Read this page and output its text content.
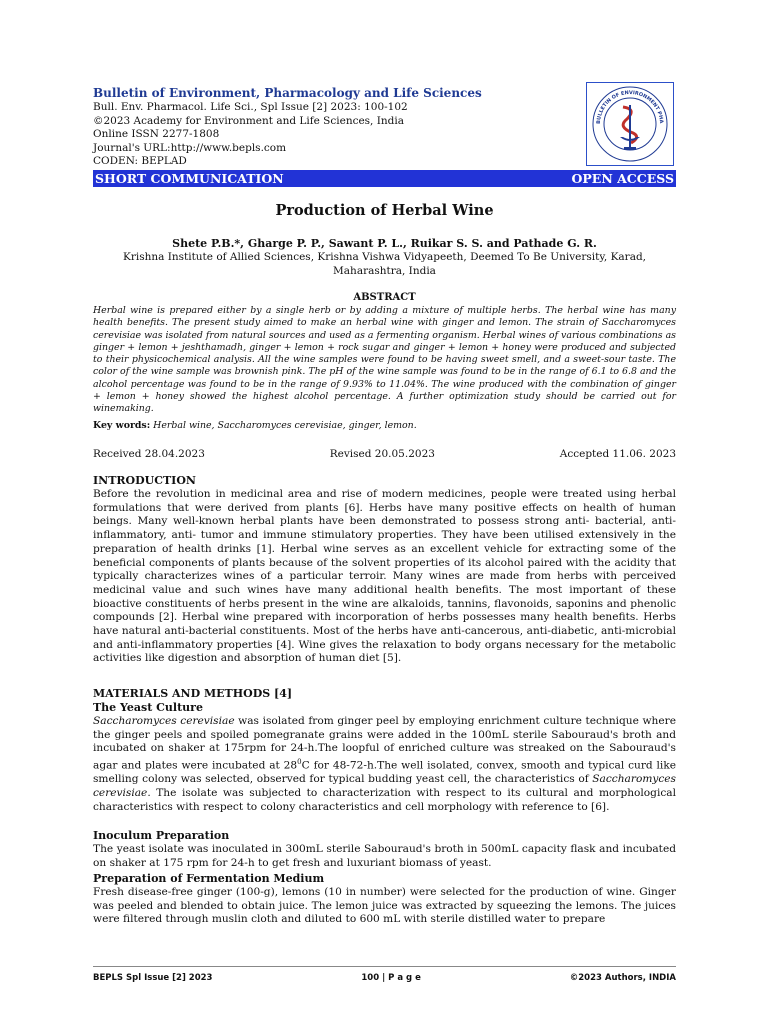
Bulletin of Environment, Pharmacology and Life Sciences
Bull. Env. Pharmacol. Life Sci., Spl Issue [2] 2023: 100-102
©2023 Academy for Environment and Life Sciences, India
Online ISSN 2277-1808
Journal's URL:http://www.bepls.com
CODEN: BEPLAD
BULLETIN OF ENVIRONMENT PHA
SHORT COMMUNICATION	OPEN ACCESS
Production of Herbal Wine
Shete P.B.*, Gharge P. P., Sawant P. L., Ruikar S. S. and Pathade G. R.
Krishna Institute of Allied Sciences, Krishna Vishwa Vidyapeeth, Deemed To Be University, Karad,
Maharashtra, India
ABSTRACT
Herbal wine is prepared either by a single herb or by adding a mixture of multiple herbs. The herbal wine has many health benefits. The present study aimed to make an herbal wine with ginger and lemon. The strain of Saccharomyces cerevisiae was isolated from natural sources and used as a fermenting organism. Herbal wines of various combinations as ginger + lemon + jeshthamadh, ginger + lemon + rock sugar and ginger + lemon + honey were produced and subjected to their physicochemical analysis. All the wine samples were found to be having sweet smell, and a sweet-sour taste. The color of the wine sample was brownish pink. The pH of the wine sample was found to be in the range of 6.1 to 6.8 and the alcohol percentage was found to be in the range of 9.93% to 11.04%. The wine produced with the combination of ginger + lemon + honey showed the highest alcohol percentage. A further optimization study should be carried out for winemaking.
Key words: Herbal wine, Saccharomyces cerevisiae, ginger, lemon.
Received 28.04.2023	Revised 20.05.2023	Accepted 11.06. 2023
INTRODUCTION
Before the revolution in medicinal area and rise of modern medicines, people were treated using herbal formulations that were derived from plants [6]. Herbs have many positive effects on health of human beings. Many well-known herbal plants have been demonstrated to possess strong anti- bacterial, anti-inflammatory, anti- tumor and immune stimulatory properties. They have been utilised extensively in the preparation of health drinks [1]. Herbal wine serves as an excellent vehicle for extracting some of the beneficial components of plants because of the solvent properties of its alcohol paired with the acidity that typically characterizes wines of a particular terroir. Many wines are made from herbs with perceived medicinal value and such wines have many additional health benefits. The most important of these bioactive constituents of herbs present in the wine are alkaloids, tannins, flavonoids, saponins and phenolic compounds [2]. Herbal wine prepared with incorporation of herbs possesses many health benefits. Herbs have natural anti-bacterial constituents. Most of the herbs have anti-cancerous, anti-diabetic, anti-microbial and anti-inflammatory properties [4]. Wine gives the relaxation to body organs necessary for the metabolic activities like digestion and absorption of human diet [5].
MATERIALS AND METHODS [4]
The Yeast Culture
Saccharomyces cerevisiae was isolated from ginger peel by employing enrichment culture technique where the ginger peels and spoiled pomegranate grains were added in the 100mL sterile Sabouraud's broth and incubated on shaker at 175rpm for 24-h.The loopful of enriched culture was streaked on the Sabouraud's agar and plates were incubated at $28^0C$ for 48-72-h.The well isolated, convex, smooth and typical curd like smelling colony was selected, observed for typical budding yeast cell, the characteristics of Saccharomyces cerevisiae. The isolate was subjected to characterization with respect to its cultural and morphological characteristics with respect to colony characteristics and cell morphology with reference to [6].
Inoculum Preparation
The yeast isolate was inoculated in 300mL sterile Sabouraud's broth in 500mL capacity flask and incubated on shaker at 175 rpm for 24-h to get fresh and luxuriant biomass of yeast.
Preparation of Fermentation Medium
Fresh disease-free ginger (100-g), lemons (10 in number) were selected for the production of wine. Ginger was peeled and blended to obtain juice. The lemon juice was extracted by squeezing the lemons. The juices were filtered through muslin cloth and diluted to 600 mL with sterile distilled water to prepare
BEPLS Spl Issue [2] 2023	100 | P a g e	©2023 Authors, INDIA
